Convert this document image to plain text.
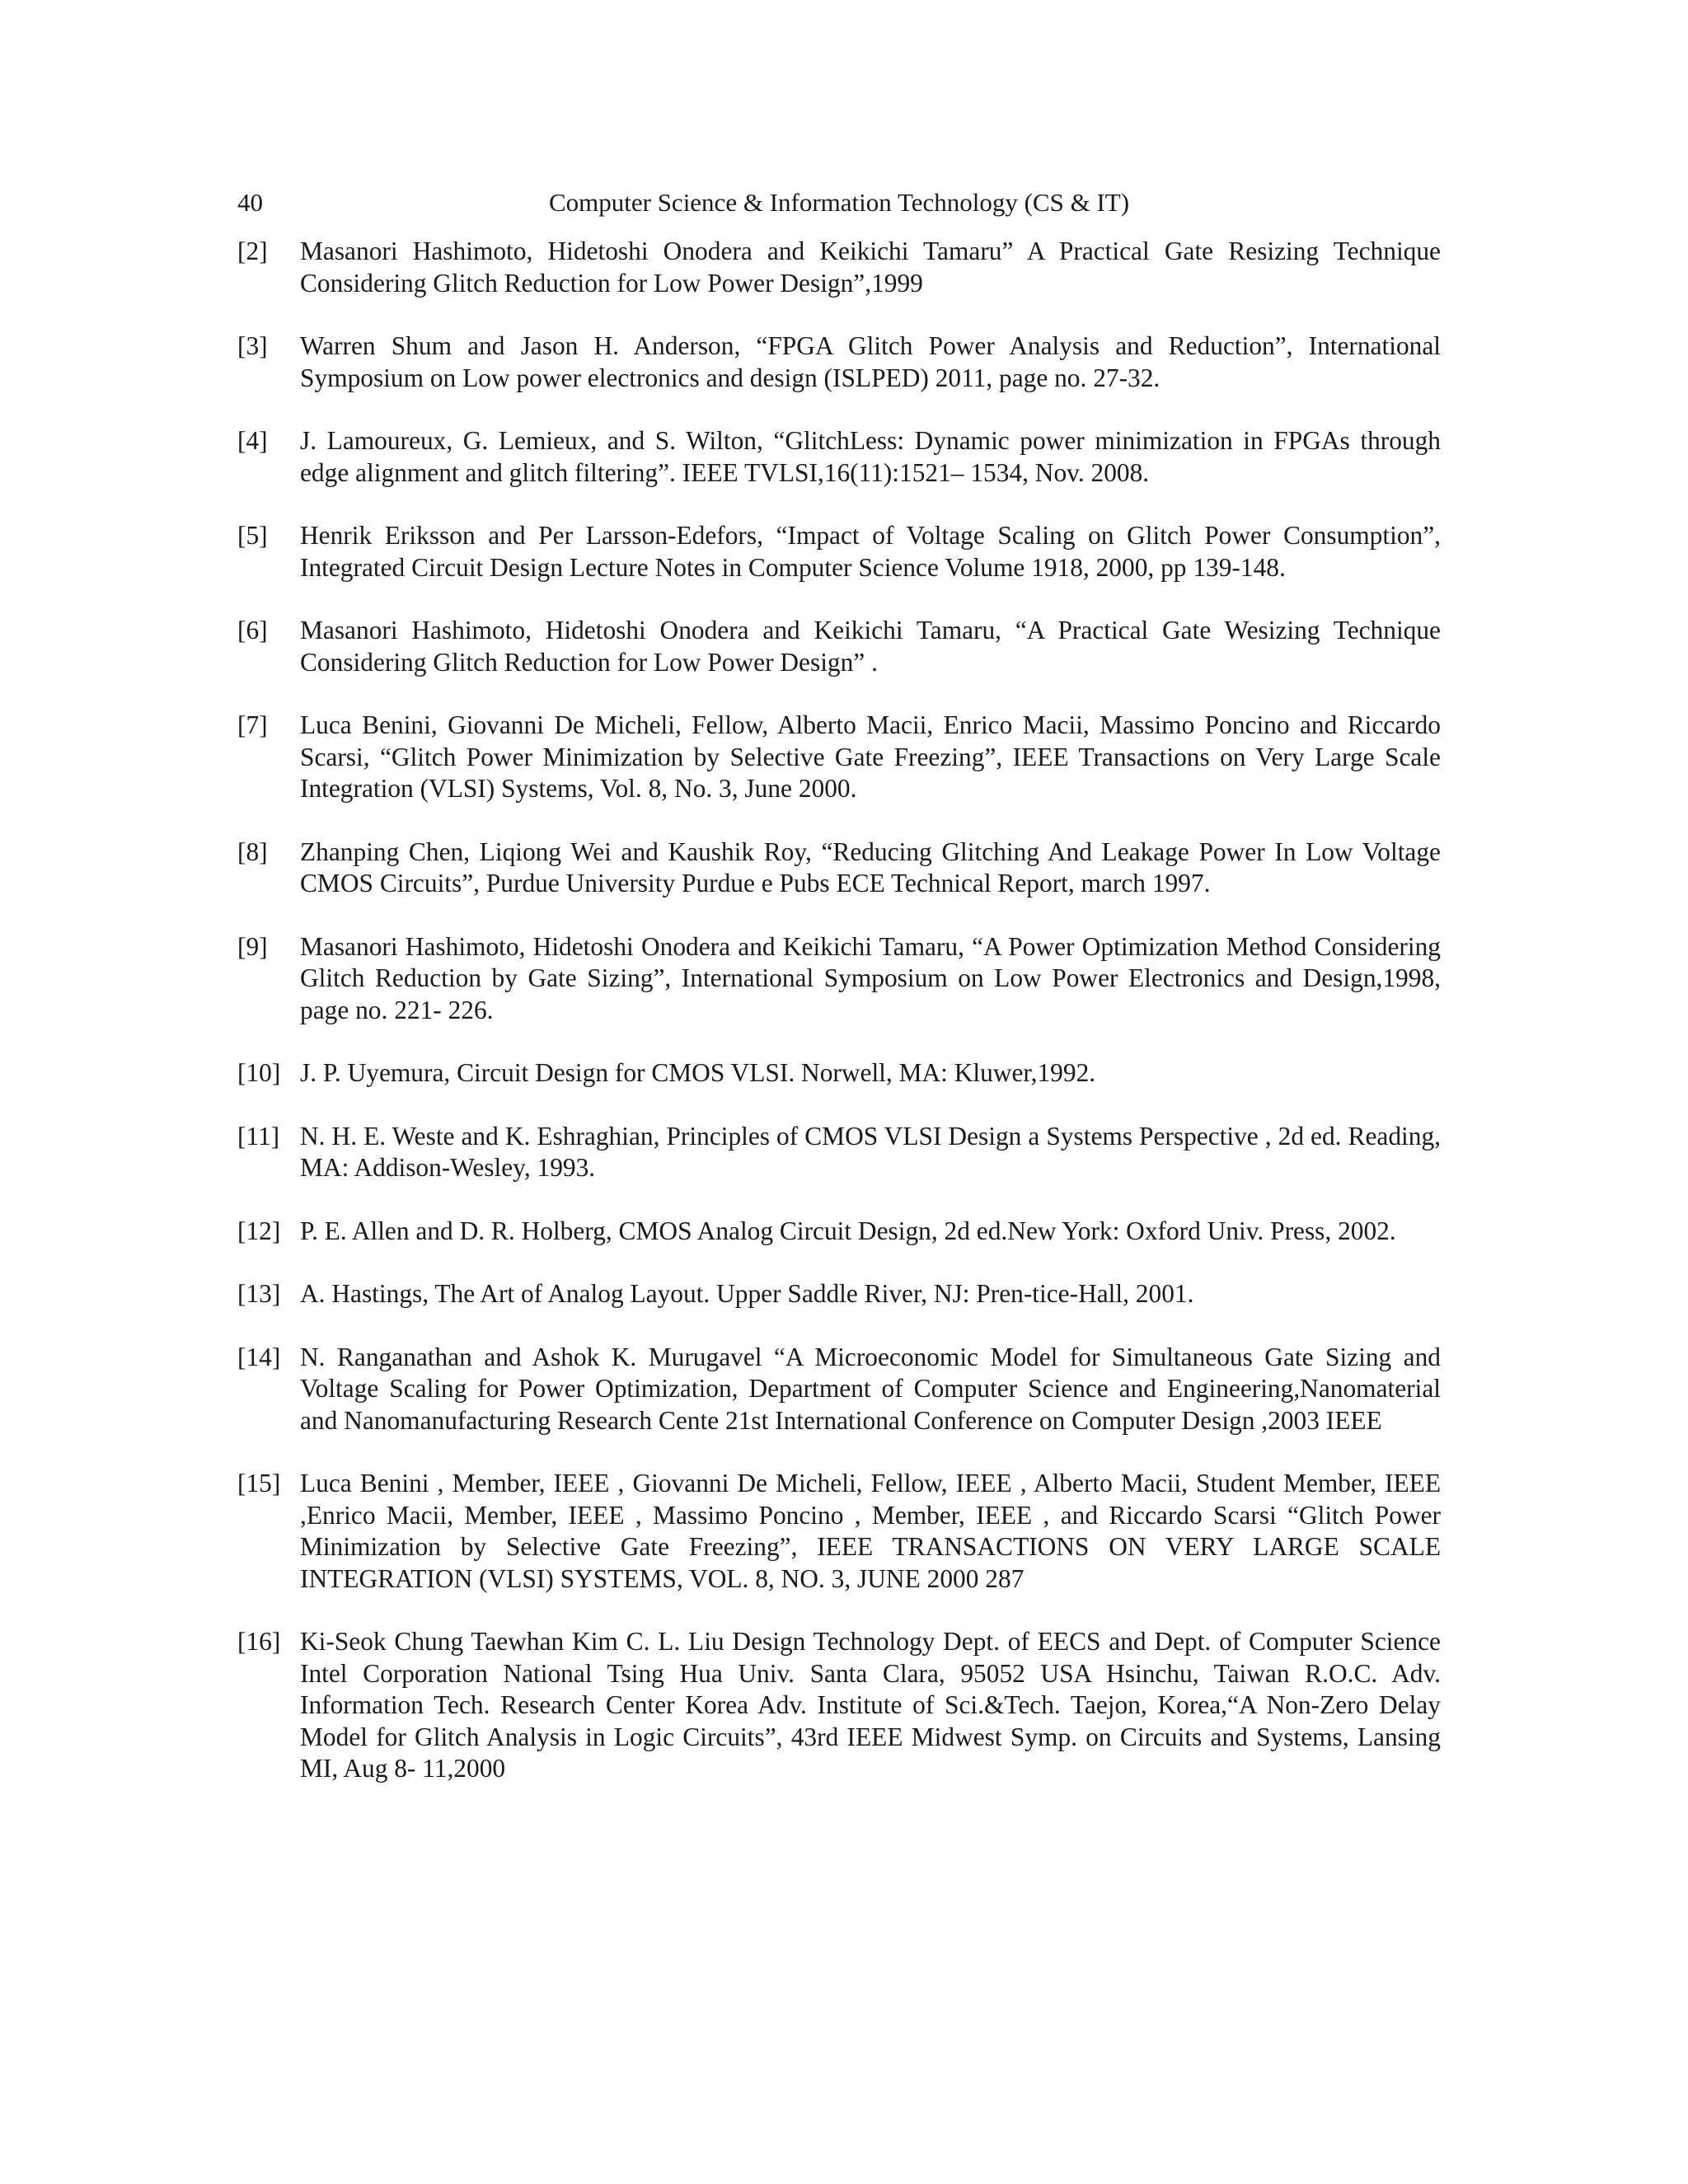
40	Computer Science & Information Technology (CS & IT)
[2]	Masanori Hashimoto, Hidetoshi Onodera and Keikichi Tamaru” A Practical Gate Resizing Technique Considering Glitch Reduction for Low Power Design”,1999
[3]	Warren Shum and Jason H. Anderson, “FPGA Glitch Power Analysis and Reduction”, International Symposium on Low power electronics and design (ISLPED) 2011, page no. 27-32.
[4]	J. Lamoureux, G. Lemieux, and S. Wilton, “GlitchLess: Dynamic power minimization in FPGAs through edge alignment and glitch filtering”. IEEE TVLSI,16(11):1521– 1534, Nov. 2008.
[5]	Henrik Eriksson and Per Larsson-Edefors, “Impact of Voltage Scaling on Glitch Power Consumption”, Integrated Circuit Design Lecture Notes in Computer Science Volume 1918, 2000, pp 139-148.
[6]	Masanori Hashimoto, Hidetoshi Onodera and Keikichi Tamaru, “A Practical Gate Wesizing Technique Considering Glitch Reduction for Low Power Design” .
[7]	Luca Benini, Giovanni De Micheli, Fellow, Alberto Macii, Enrico Macii, Massimo Poncino and Riccardo Scarsi, “Glitch Power Minimization by Selective Gate Freezing”, IEEE Transactions on Very Large Scale Integration (VLSI) Systems, Vol. 8, No. 3, June 2000.
[8]	Zhanping Chen, Liqiong Wei and Kaushik Roy, “Reducing Glitching And Leakage Power In Low Voltage CMOS Circuits”, Purdue University Purdue e Pubs ECE Technical Report, march 1997.
[9]	Masanori Hashimoto, Hidetoshi Onodera and Keikichi Tamaru, “A Power Optimization Method Considering Glitch Reduction by Gate Sizing”, International Symposium on Low Power Electronics and Design,1998, page no. 221- 226.
[10] J. P. Uyemura, Circuit Design for CMOS VLSI. Norwell, MA: Kluwer,1992.
[11] N. H. E. Weste and K. Eshraghian, Principles of CMOS VLSI Design a Systems Perspective , 2d ed. Reading, MA: Addison-Wesley, 1993.
[12] P. E. Allen and D. R. Holberg, CMOS Analog Circuit Design, 2d ed.New York: Oxford Univ. Press, 2002.
[13] A. Hastings, The Art of Analog Layout. Upper Saddle River, NJ: Pren-tice-Hall, 2001.
[14] N. Ranganathan and Ashok K. Murugavel “A Microeconomic Model for Simultaneous Gate Sizing and Voltage Scaling for Power Optimization, Department of Computer Science and Engineering,Nanomaterial and Nanomanufacturing Research Cente 21st International Conference on Computer Design ,2003 IEEE
[15] Luca Benini , Member, IEEE , Giovanni De Micheli, Fellow, IEEE , Alberto Macii, Student Member, IEEE ,Enrico Macii, Member, IEEE , Massimo Poncino , Member, IEEE , and Riccardo Scarsi “Glitch Power Minimization by Selective Gate Freezing”, IEEE TRANSACTIONS ON VERY LARGE SCALE INTEGRATION (VLSI) SYSTEMS, VOL. 8, NO. 3, JUNE 2000 287
[16] Ki-Seok Chung Taewhan Kim C. L. Liu Design Technology Dept. of EECS and Dept. of Computer Science Intel Corporation National Tsing Hua Univ. Santa Clara, 95052 USA Hsinchu, Taiwan R.O.C. Adv. Information Tech. Research Center Korea Adv. Institute of Sci.&Tech. Taejon, Korea,“A Non-Zero Delay Model for Glitch Analysis in Logic Circuits”, 43rd IEEE Midwest Symp. on Circuits and Systems, Lansing MI, Aug 8- 11,2000
